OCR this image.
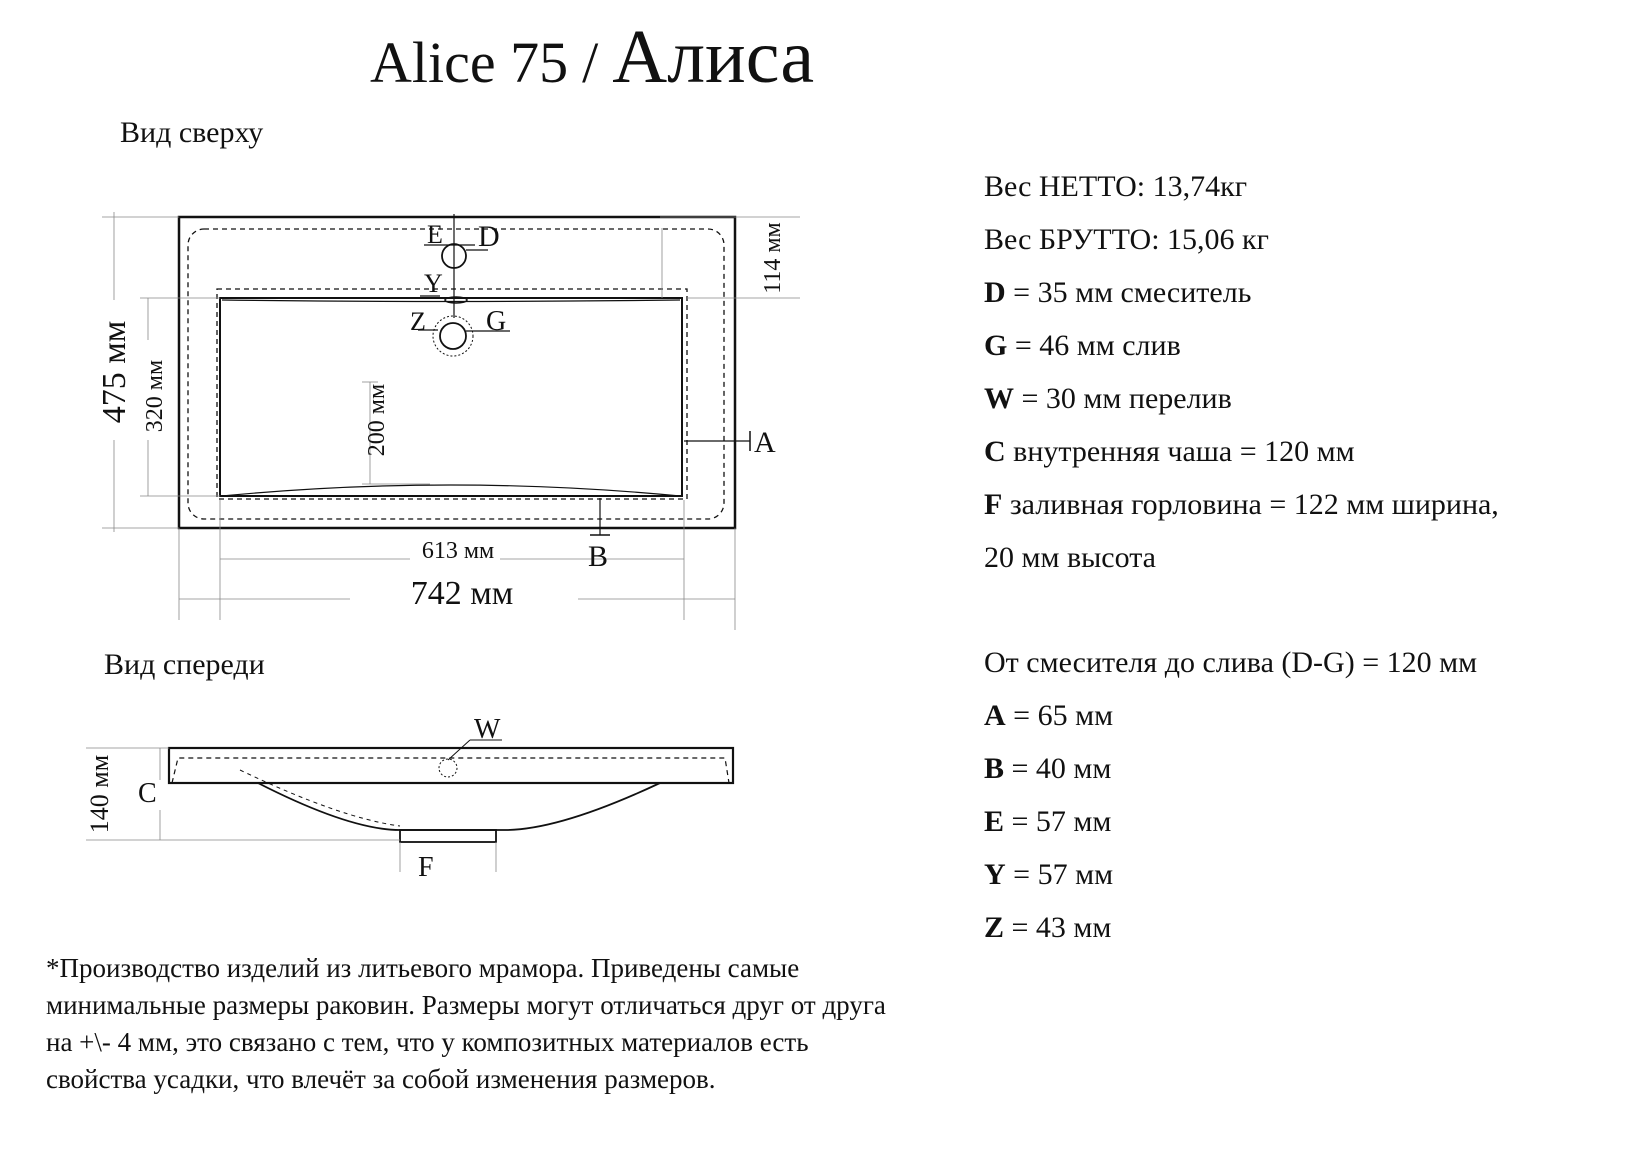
Alice 75 / Алиса
Вид сверху
Вид спереди
475 мм 320 мм	200 мм
114 мм
613 мм
742 мм
E D
Y
Z G
A
B
140 мм
W
C
F
Вес НЕТТО: 13,74кг
Вес БРУТТО: 15,06 кг
D = 35 мм смеситель
G = 46 мм слив
W = 30 мм перелив
C внутренняя чаша = 120 мм
F заливная горловина = 122 мм ширина,
20 мм высота
От смесителя до слива (D-G) = 120 мм
A = 65 мм
B = 40 мм
E = 57 мм
Y = 57 мм
Z = 43 мм
*Производство изделий из литьевого мрамора. Приведены самые минимальные размеры раковин. Размеры могут отличаться друг от друга на +\- 4 мм, это связано с тем, что у композитных материалов есть свойства усадки, что влечёт за собой изменения размеров.
